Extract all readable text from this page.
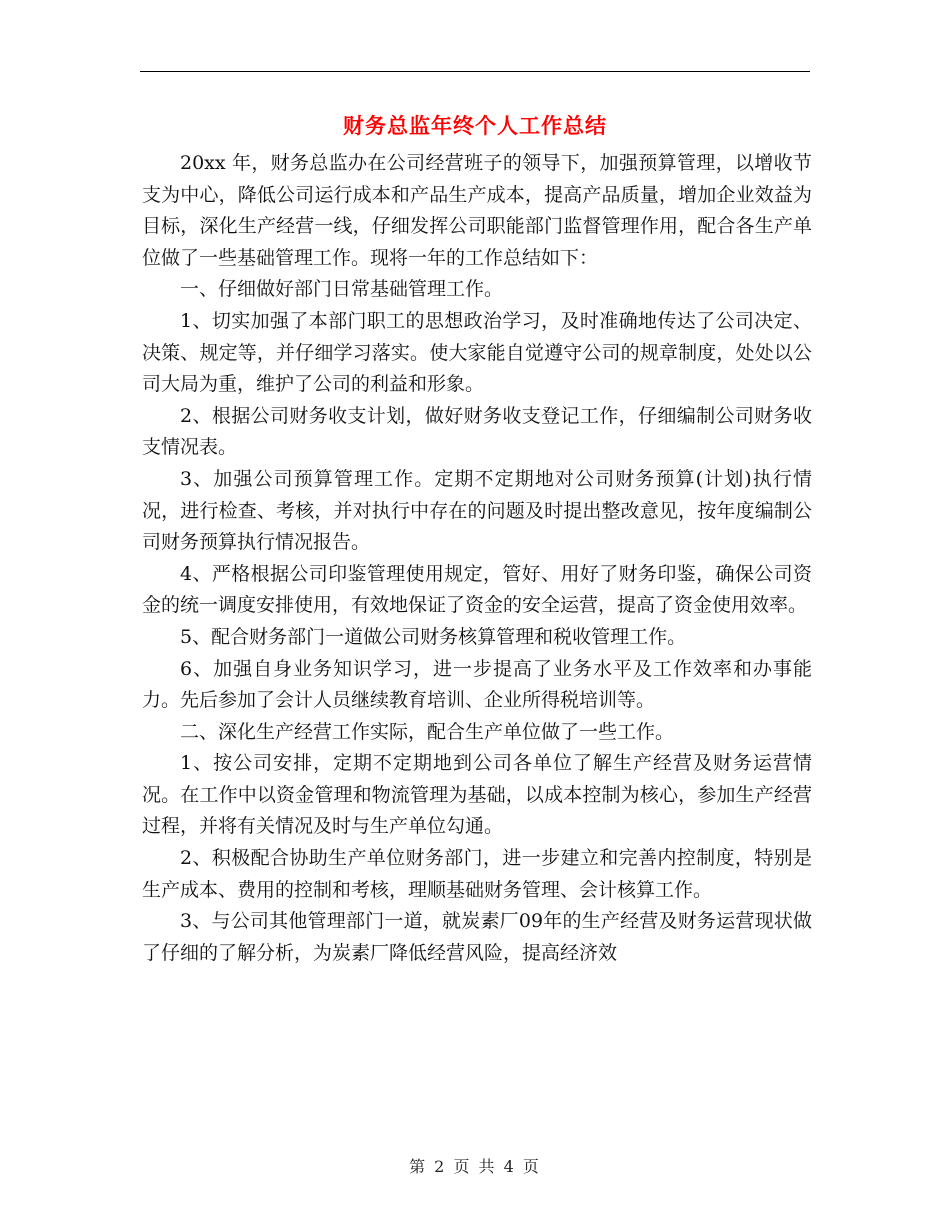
财务总监年终个人工作总结

20xx 年，财务总监办在公司经营班子的领导下，加强预算管理，以增收节支为中心，降低公司运行成本和产品生产成本，提高产品质量，增加企业效益为目标，深化生产经营一线，仔细发挥公司职能部门监督管理作用，配合各生产单位做了一些基础管理工作。现将一年的工作总结如下：

一、仔细做好部门日常基础管理工作。

1、切实加强了本部门职工的思想政治学习，及时准确地传达了公司决定、决策、规定等，并仔细学习落实。使大家能自觉遵守公司的规章制度，处处以公司大局为重，维护了公司的利益和形象。

2、根据公司财务收支计划，做好财务收支登记工作，仔细编制公司财务收支情况表。

3、加强公司预算管理工作。定期不定期地对公司财务预算(计划)执行情况，进行检查、考核，并对执行中存在的问题及时提出整改意见，按年度编制公司财务预算执行情况报告。

4、严格根据公司印鉴管理使用规定，管好、用好了财务印鉴，确保公司资金的统一调度安排使用，有效地保证了资金的安全运营，提高了资金使用效率。

5、配合财务部门一道做公司财务核算管理和税收管理工作。

6、加强自身业务知识学习，进一步提高了业务水平及工作效率和办事能力。先后参加了会计人员继续教育培训、企业所得税培训等。

二、深化生产经营工作实际，配合生产单位做了一些工作。

1、按公司安排，定期不定期地到公司各单位了解生产经营及财务运营情况。在工作中以资金管理和物流管理为基础，以成本控制为核心，参加生产经营过程，并将有关情况及时与生产单位勾通。

2、积极配合协助生产单位财务部门，进一步建立和完善内控制度，特别是生产成本、费用的控制和考核，理顺基础财务管理、会计核算工作。

3、与公司其他管理部门一道，就炭素厂09年的生产经营及财务运营现状做了仔细的了解分析，为炭素厂降低经营风险，提高经济效

第 2 页 共 4 页
